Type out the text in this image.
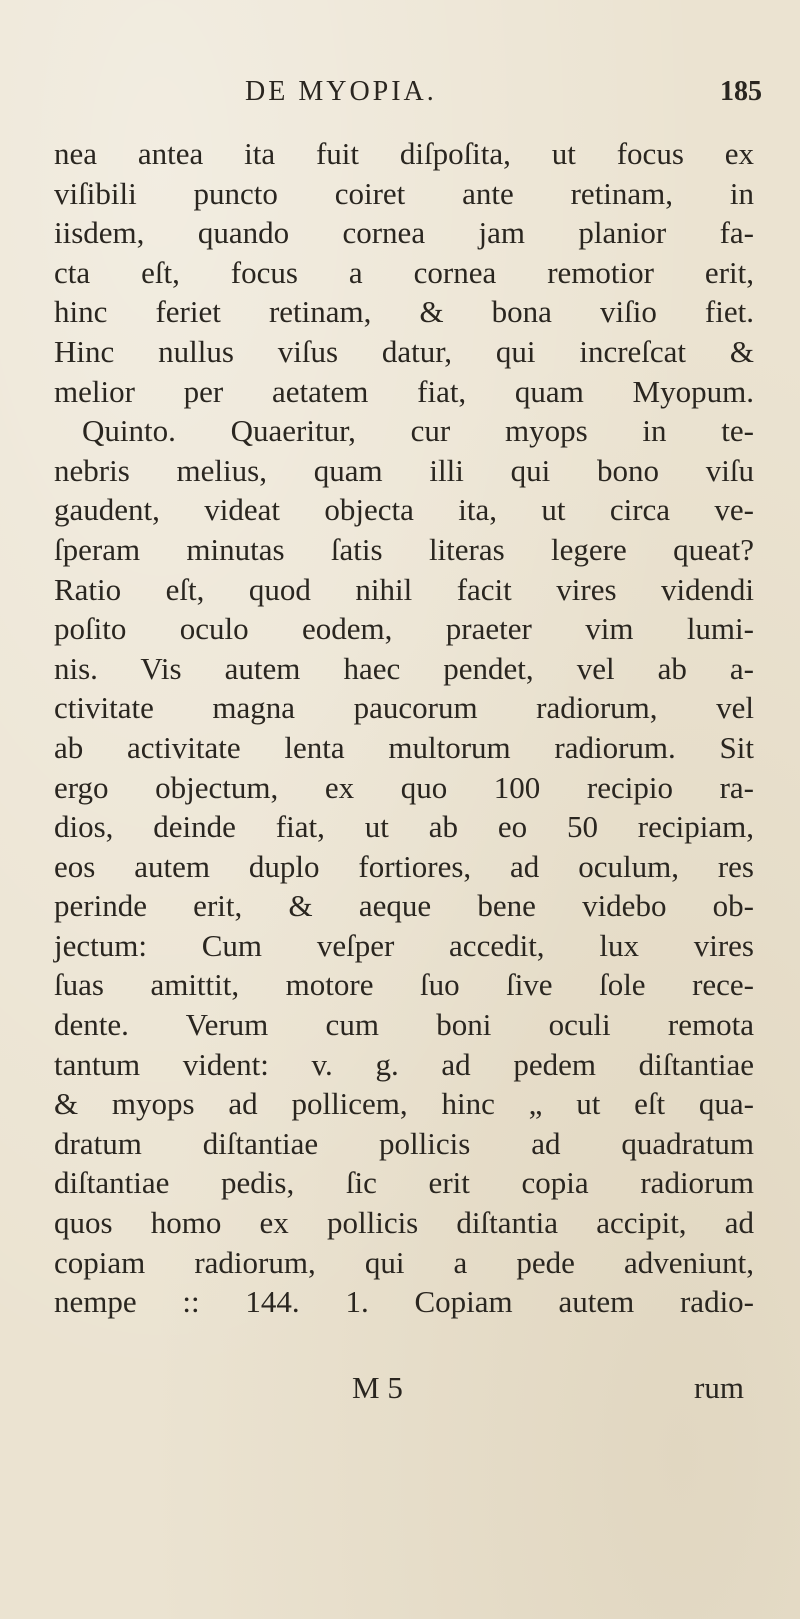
DE MYOPIA.	185
nea antea ita fuit diſpoſita, ut focus ex
viſibili puncto coiret ante retinam, in
iisdem, quando cornea jam planior fa-
cta eſt, focus a cornea remotior erit,
hinc feriet retinam, & bona viſio fiet.
Hinc nullus viſus datur, qui increſcat &
melior per aetatem fiat, quam Myopum.
Quinto. Quaeritur, cur myops in te-
nebris melius, quam illi qui bono viſu
gaudent, videat objecta ita, ut circa ve-
ſperam minutas ſatis literas legere queat?
Ratio eſt, quod nihil facit vires videndi
poſito oculo eodem, praeter vim lumi-
nis. Vis autem haec pendet, vel ab a-
ctivitate magna paucorum radiorum, vel
ab activitate lenta multorum radiorum. Sit
ergo objectum, ex quo 100 recipio ra-
dios, deinde fiat, ut ab eo 50 recipiam,
eos autem duplo fortiores, ad oculum, res
perinde erit, & aeque bene videbo ob-
jectum: Cum veſper accedit, lux vires
ſuas amittit, motore ſuo ſive ſole rece-
dente. Verum cum boni oculi remota
tantum vident: v. g. ad pedem diſtantiae
& myops ad pollicem, hinc „ ut eſt qua-
dratum diſtantiae pollicis ad quadratum
diſtantiae pedis, ſic erit copia radiorum
quos homo ex pollicis diſtantia accipit, ad
copiam radiorum, qui a pede adveniunt,
nempe :: 144. 1. Copiam autem radio-
M 5	rum
